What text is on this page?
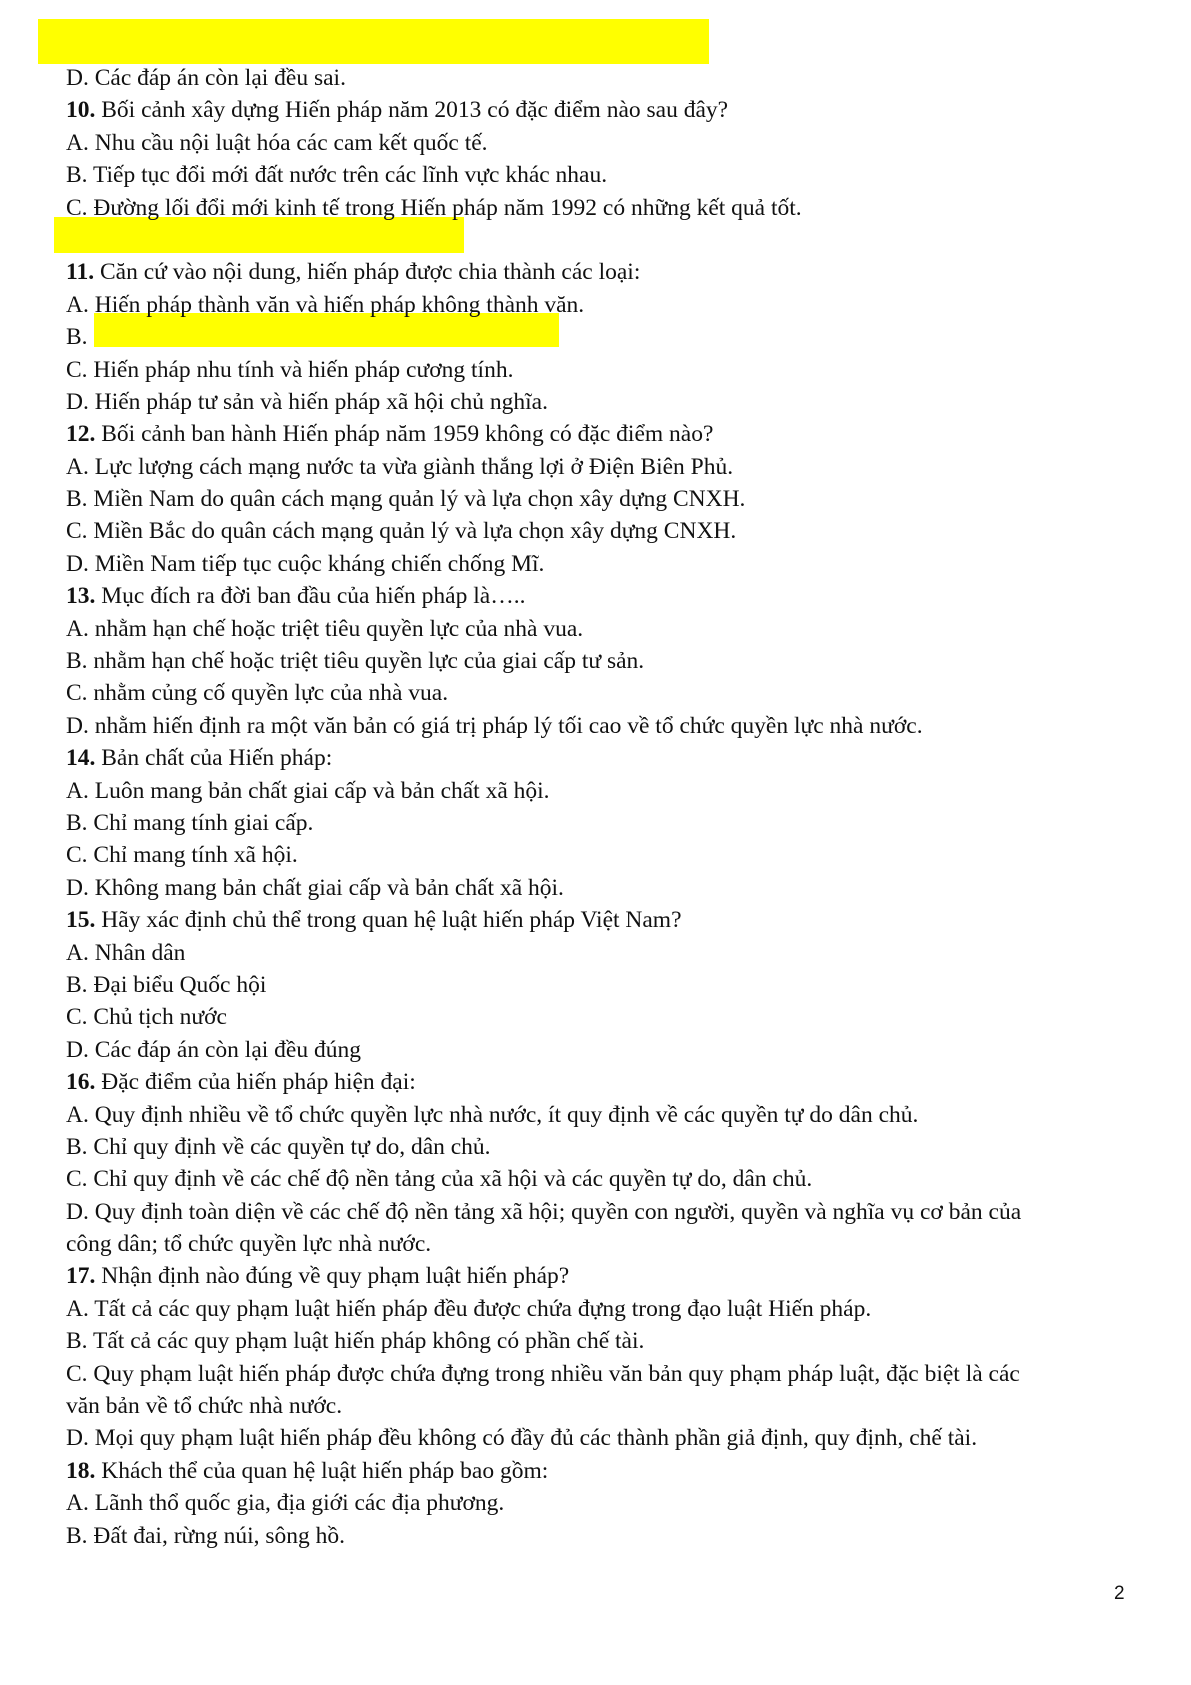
D. Các đáp án còn lại đều sai.
10. Bối cảnh xây dựng Hiến pháp năm 2013 có đặc điểm nào sau đây?
A. Nhu cầu nội luật hóa các cam kết quốc tế.
B. Tiếp tục đổi mới đất nước trên các lĩnh vực khác nhau.
C. Đường lối đổi mới kinh tế trong Hiến pháp năm 1992 có những kết quả tốt.
11. Căn cứ vào nội dung, hiến pháp được chia thành các loại:
A. Hiến pháp thành văn và hiến pháp không thành văn.
B.
C. Hiến pháp nhu tính và hiến pháp cương tính.
D. Hiến pháp tư sản và hiến pháp xã hội chủ nghĩa.
12. Bối cảnh ban hành Hiến pháp năm 1959 không có đặc điểm nào?
A. Lực lượng cách mạng nước ta vừa giành thắng lợi ở Điện Biên Phủ.
B. Miền Nam do quân cách mạng quản lý và lựa chọn xây dựng CNXH.
C. Miền Bắc do quân cách mạng quản lý và lựa chọn xây dựng CNXH.
D. Miền Nam tiếp tục cuộc kháng chiến chống Mĩ.
13. Mục đích ra đời ban đầu của hiến pháp là…..
A. nhằm hạn chế hoặc triệt tiêu quyền lực của nhà vua.
B. nhằm hạn chế hoặc triệt tiêu quyền lực của giai cấp tư sản.
C. nhằm củng cố quyền lực của nhà vua.
D. nhằm hiến định ra một văn bản có giá trị pháp lý tối cao về tổ chức quyền lực nhà nước.
14. Bản chất của Hiến pháp:
A. Luôn mang bản chất giai cấp và bản chất xã hội.
B. Chỉ mang tính giai cấp.
C. Chỉ mang tính xã hội.
D. Không mang bản chất giai cấp và bản chất xã hội.
15. Hãy xác định chủ thể trong quan hệ luật hiến pháp Việt Nam?
A. Nhân dân
B. Đại biểu Quốc hội
C. Chủ tịch nước
D. Các đáp án còn lại đều đúng
16. Đặc điểm của hiến pháp hiện đại:
A. Quy định nhiều về tổ chức quyền lực nhà nước, ít quy định về các quyền tự do dân chủ.
B. Chỉ quy định về các quyền tự do, dân chủ.
C. Chỉ quy định về các chế độ nền tảng của xã hội và các quyền tự do, dân chủ.
D. Quy định toàn diện về các chế độ nền tảng xã hội; quyền con người, quyền và nghĩa vụ cơ bản của
công dân; tổ chức quyền lực nhà nước.
17. Nhận định nào đúng về quy phạm luật hiến pháp?
A. Tất cả các quy phạm luật hiến pháp đều được chứa đựng trong đạo luật Hiến pháp.
B. Tất cả các quy phạm luật hiến pháp không có phần chế tài.
C. Quy phạm luật hiến pháp được chứa đựng trong nhiều văn bản quy phạm pháp luật, đặc biệt là các
văn bản về tổ chức nhà nước.
D. Mọi quy phạm luật hiến pháp đều không có đầy đủ các thành phần giả định, quy định, chế tài.
18. Khách thể của quan hệ luật hiến pháp bao gồm:
A. Lãnh thổ quốc gia, địa giới các địa phương.
B. Đất đai, rừng núi, sông hồ.
2
